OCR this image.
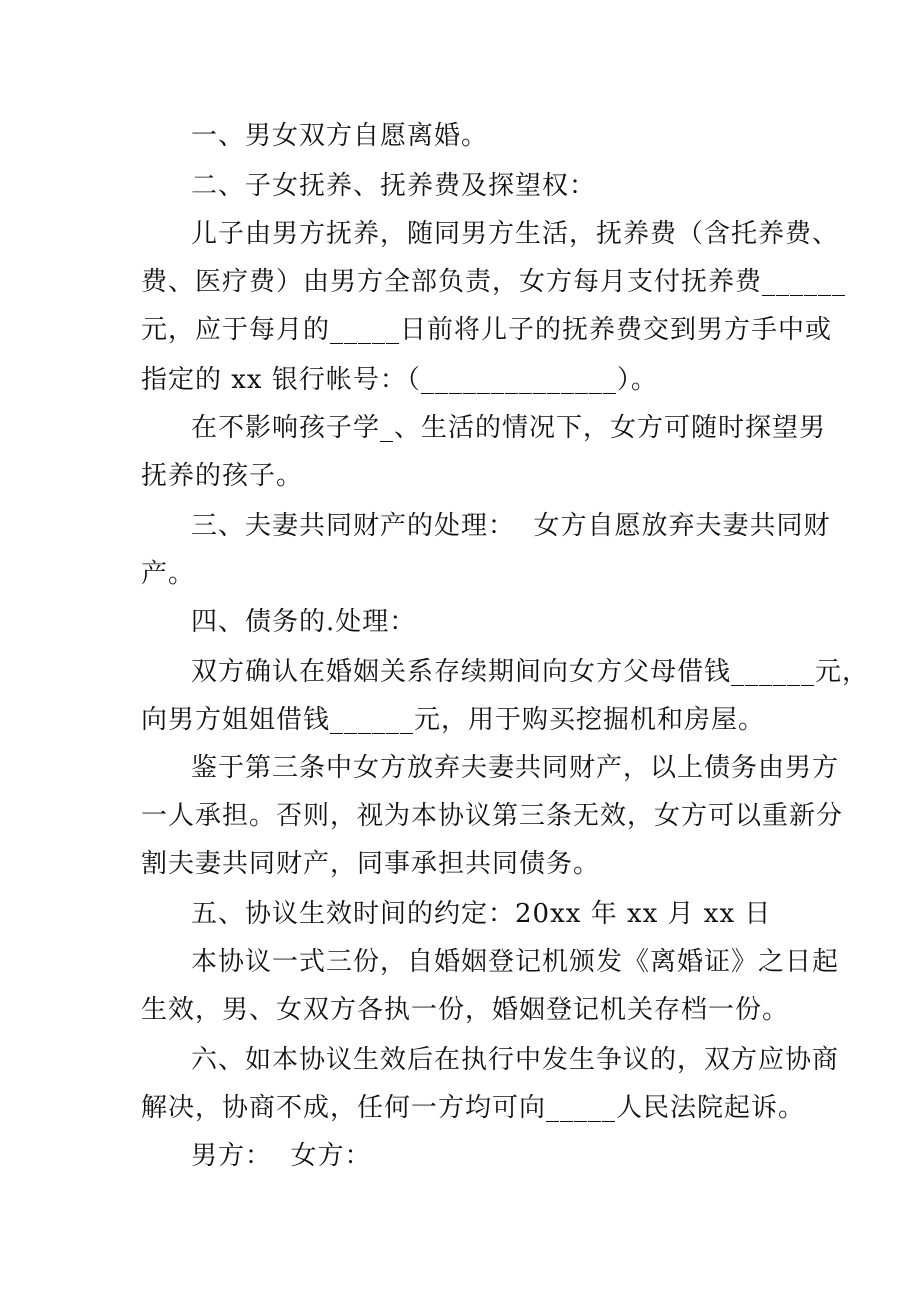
一、男女双方自愿离婚。

二、子女抚养、抚养费及探望权：

儿子由男方抚养，随同男方生活，抚养费（含托养费、

费、医疗费）由男方全部负责，女方每月支付抚养费______

元，应于每月的_____日前将儿子的抚养费交到男方手中或

指定的 xx 银行帐号：（______________）。

在不影响孩子学_、生活的情况下，女方可随时探望男

抚养的孩子。

三、夫妻共同财产的处理：  女方自愿放弃夫妻共同财

产。

四、债务的.处理：

双方确认在婚姻关系存续期间向女方父母借钱______元，

向男方姐姐借钱______元，用于购买挖掘机和房屋。

鉴于第三条中女方放弃夫妻共同财产，以上债务由男方

一人承担。否则，视为本协议第三条无效，女方可以重新分

割夫妻共同财产，同事承担共同债务。

五、协议生效时间的约定：20xx 年 xx 月 xx 日

本协议一式三份，自婚姻登记机颁发《离婚证》之日起

生效，男、女双方各执一份，婚姻登记机关存档一份。

六、如本协议生效后在执行中发生争议的，双方应协商

解决，协商不成，任何一方均可向_____人民法院起诉。

男方：  女方：
